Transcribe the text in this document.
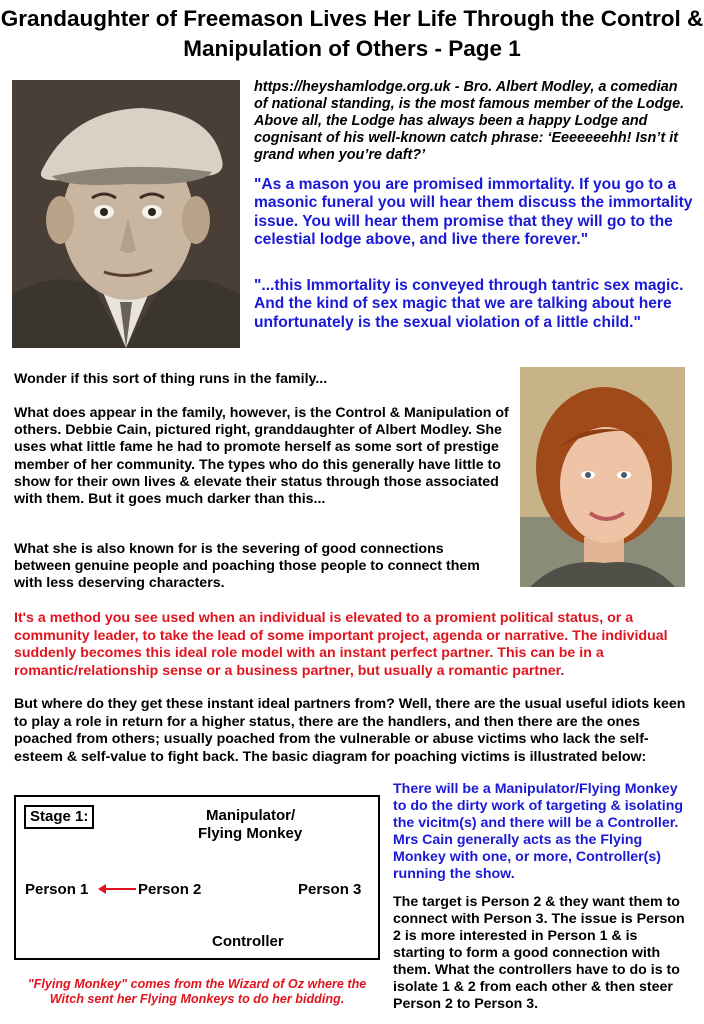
Grandaughter of Freemason Lives Her Life Through the Control & Manipulation of Others - Page 1

https://heyshamlodge.org.uk - Bro. Albert Modley, a comedian of national standing, is the most famous member of the Lodge. Above all, the Lodge has always been a happy Lodge and cognisant of his well-known catch phrase: ‘Eeeeeeehh! Isn’t it grand when you’re daft?’

"As a mason you are promised immortality. If you go to a masonic funeral you will hear them discuss the immortality issue. You will hear them promise that they will go to the celestial lodge above, and live there forever."

"...this Immortality is conveyed through tantric sex magic. And the kind of sex magic that we are talking about here unfortunately is the sexual violation of a little child."

Wonder if this sort of thing runs in the family...

What does appear in the family, however, is the Control & Manipulation of others. Debbie Cain, pictured right, granddaughter of Albert Modley. She uses what little fame he had to promote herself as some sort of prestige member of her community. The types who do this generally have little to show for their own lives & elevate their status through those associated with them. But it goes much darker than this...

What she is also known for is the severing of good connections between genuine people and poaching those people to connect them with less deserving characters.

It's a method you see used when an individual is elevated to a promient political status, or a community leader, to take the lead of some important project, agenda or narrative. The individual suddenly becomes this ideal role model with an instant perfect partner. This can be in a romantic/relationship sense or a business partner, but usually a romantic partner.

But where do they get these instant ideal partners from? Well, there are the usual useful idiots keen to play a role in return for a higher status, there are the handlers, and then there are the ones poached from others; usually poached from the vulnerable or abuse victims who lack the self-esteem & self-value to fight back. The basic diagram for poaching victims is illustrated below:

Stage 1:	Manipulator/
Flying Monkey
Person 1	Person 2	Person 3
Controller

"Flying Monkey" comes from the Wizard of Oz where the Witch sent her Flying Monkeys to do her bidding.

There will be a Manipulator/Flying Monkey to do the dirty work of targeting & isolating the vicitm(s) and there will be a Controller. Mrs Cain generally acts as the Flying Monkey with one, or more, Controller(s) running the show.

The target is Person 2 & they want them to connect with Person 3. The issue is Person 2 is more interested in Person 1 & is starting to form a good connection with them. What the controllers have to do is to isolate 1 & 2 from each other & then steer Person 2 to Person 3.
